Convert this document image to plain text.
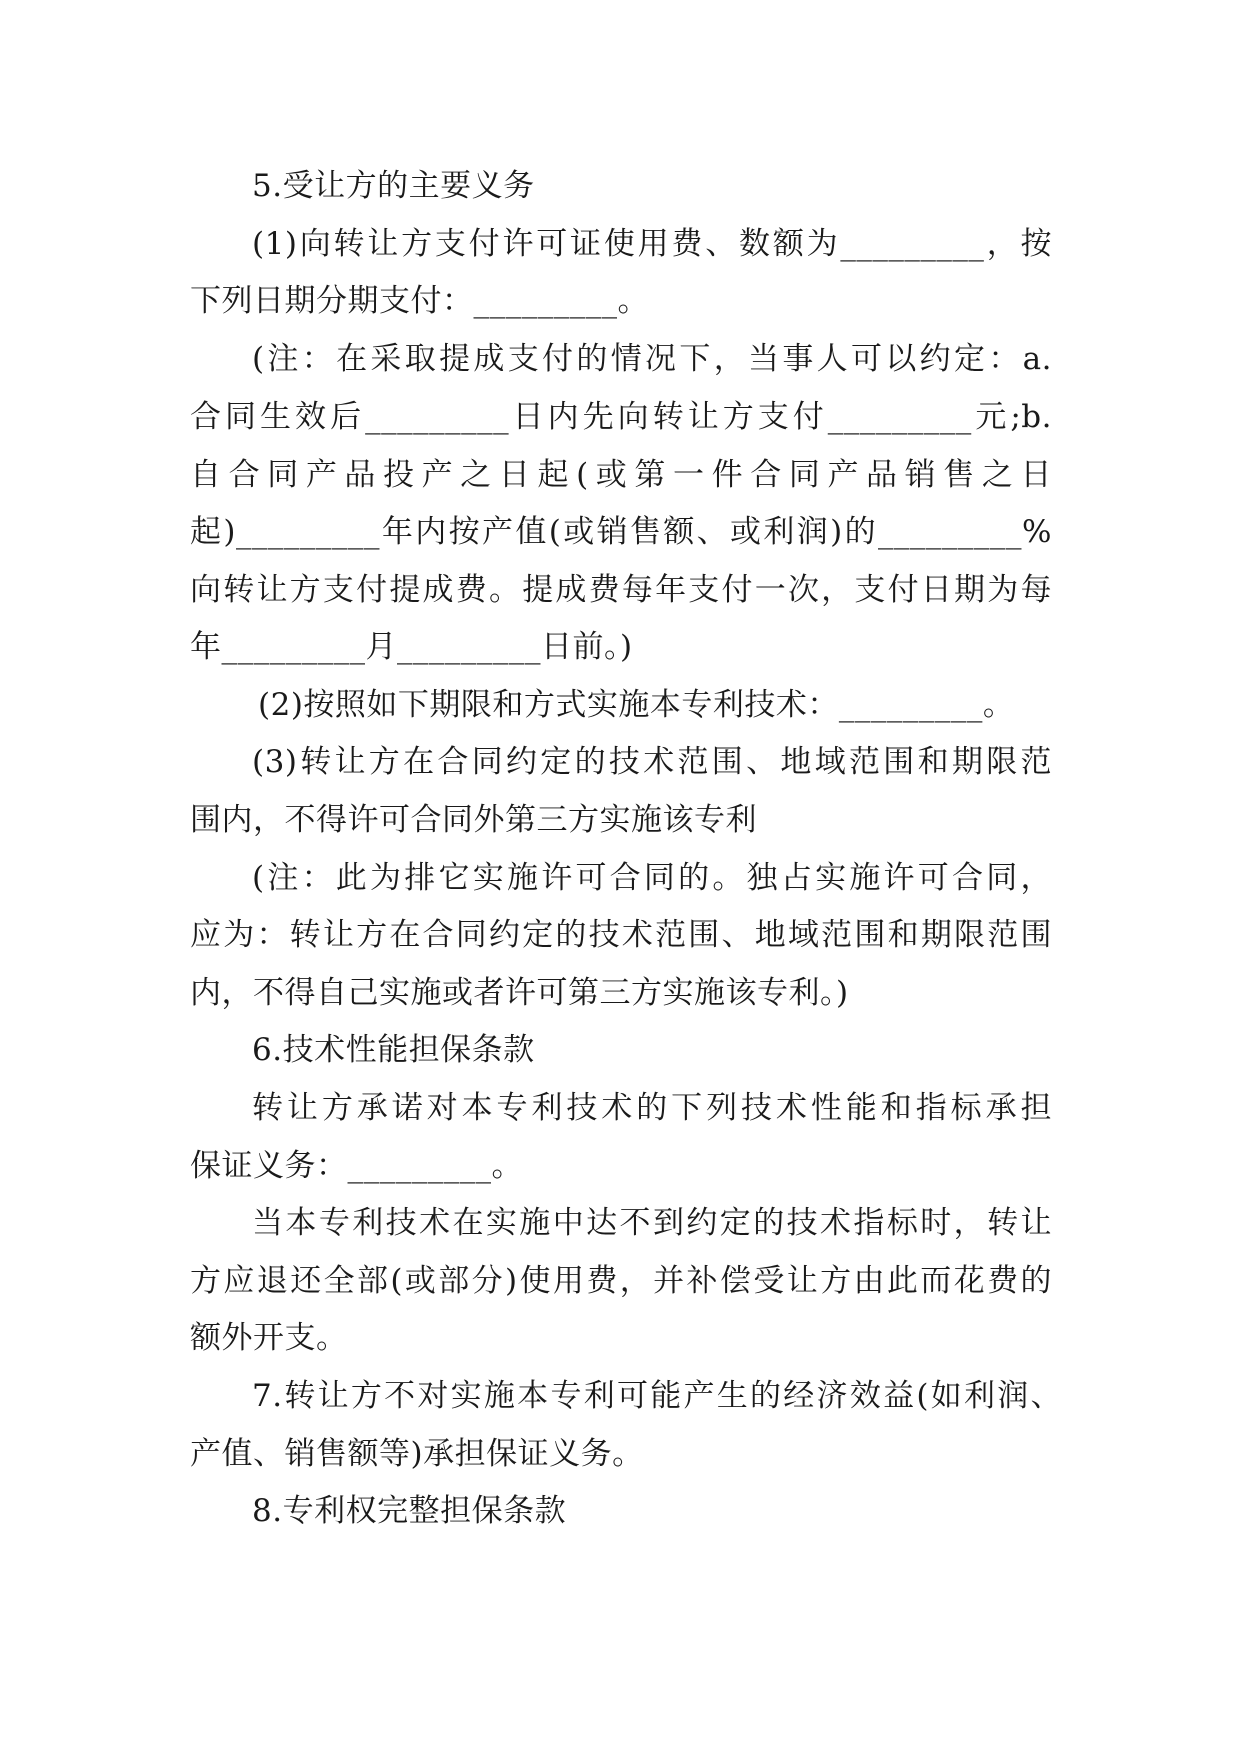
5.受让方的主要义务
(1)向转让方支付许可证使用费、数额为_________，按
下列日期分期支付：_________。
(注：在采取提成支付的情况下，当事人可以约定：a.
合同生效后_________日内先向转让方支付_________元;b.
自合同产品投产之日起(或第一件合同产品销售之日
起)_________年内按产值(或销售额、或利润)的_________%
向转让方支付提成费。提成费每年支付一次，支付日期为每
年_________月_________日前。)
(2)按照如下期限和方式实施本专利技术：_________。
(3)转让方在合同约定的技术范围、地域范围和期限范
围内，不得许可合同外第三方实施该专利
(注：此为排它实施许可合同的。独占实施许可合同，
应为：转让方在合同约定的技术范围、地域范围和期限范围
内，不得自己实施或者许可第三方实施该专利。)
6.技术性能担保条款
转让方承诺对本专利技术的下列技术性能和指标承担
保证义务：_________。
当本专利技术在实施中达不到约定的技术指标时，转让
方应退还全部(或部分)使用费，并补偿受让方由此而花费的
额外开支。
7.转让方不对实施本专利可能产生的经济效益(如利润、
产值、销售额等)承担保证义务。
8.专利权完整担保条款
